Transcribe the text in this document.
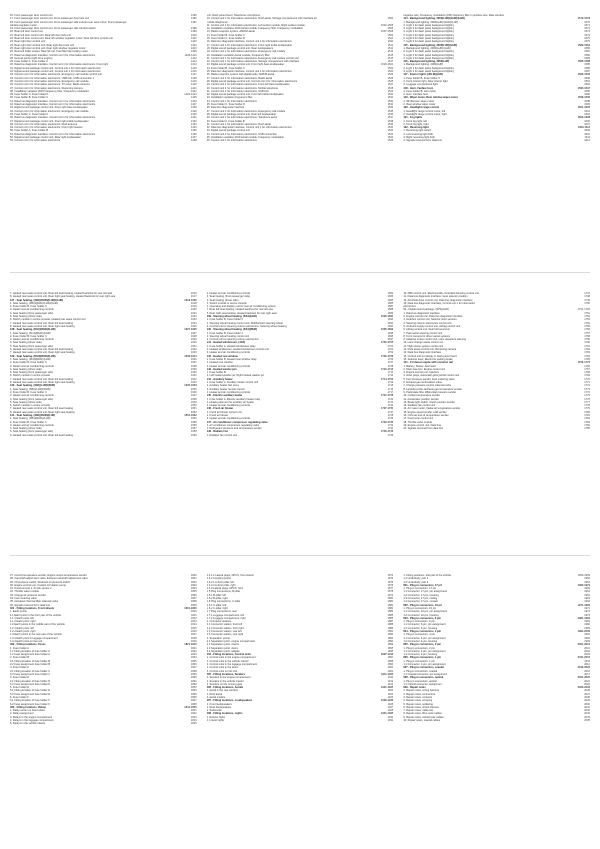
16. Front passenger door control unit	1395
17. Front passenger door control unit, Front passenger door lock unit	1396
18. Front passenger door control unit, Front passenger side exterior rear view mirror, Front passenger	1397
window regulator motor
19. Front passenger door control unit, Front passenger side window switch	1398
20. Rear left door control unit	1399
21. Rear left door control unit, Rear left door lock unit	1400
22. Rear left door control unit, Rear left window regulator motor, Rear left door control unit	1401
23. Rear right door control unit	1402
24. Rear right door control unit, Rear right door lock unit	1403
25. Rear right door control unit, Rear right window regulator motor	1404
26. Rear left trailer socket, Rear lid unit, Fuel filler flap locking motor	1405
27. Data bus diagnostic interface, Control unit 1 for information electronics	1406-1411
28. Ground points (right front engine)	1412
29. Fuse holder A, Fuse holder C	1413
30. Data bus diagnostic interface, Control unit 1 for information electronics, Front right	1414
31. Digital sound package control unit, Control unit 1 for information electronics	1415
32. Digital sound package control unit, Control unit 1 for information electronics	1416
33. Control unit 1 for information electronics, Emergency call module control unit	1417
34. Control unit 1 for information electronics, USB hub, USB connection 1	1418
35. Control unit 1 for information electronics, Emergency call module	1419
36. Control unit 1 for information electronics, TV tuner, Radio antenna	1420
37. Control unit 1 for information electronics, Reversing camera	1421
38. Installation variation 2019 Frequency filter, Frequency modulation	1422
39. Fuse holder C, Fuse holder D	1423-1424
40. Fuse holder B, Fuse holder C	1425
41. Data bus diagnostic interface, Control unit 1 for information electronics	1426
42. Data bus diagnostic interface, Control unit 1 for information electronics	1427
43. Digital sound package control unit, Front right bass loudspeaker	1428
44. Control unit 1 for information electronics, Emergency call module	1429
45. Fuse holder C, Fuse holder D	1430
46. Data bus diagnostic interface, Control unit 1 for information electronics	1431
47. Digital sound package control unit, Front right treble loudspeaker	1432
48. Control unit 1 for information electronics, Roof antenna	1433
49. Control unit 1 for information electronics, Front right tweeter	1434
50. Fuse holder A, Fuse holder B	1435
51. Data bus diagnostic interface, Control unit 1 for information electronics	1436
52. Digital sound package control unit, Rear right loudspeaker	1437
53. Control unit 1 for information electronics	1438
unit, Dash panel insert, Telephone microphone
10. Control unit 1 for information electronics, Roof aerial, Storage compartment with interface for	1501
mobile telephones
11. Control unit 1 for information electronics, Left socket module, Right socket module	1502-1505
12. Installation variation 2019 Aerial module, Frequency filter, Frequency modulation	1506
13. Radio reception system, AM/FM aerial	1507-1508
14. Fuse holder B, Fuse holder C	1509
15. Fuse holder C, Fuse holder D	1510
16. Data bus diagnostic interface, Control unit 1 for information electronics	1511
17. Control unit 1 for information electronics, Front right treble loudspeaker	1512
18. Digital sound package control unit, Rear loudspeakers	1513
19. Control unit 1 for information electronics, Emergency call module	1514
20. Installation variation Aerial module, Frequency filter	1515
21. Control unit 1 for information electronics, Emergency call module control unit	1516
22. Control unit 1 for information electronics, Storage compartment with interface	1517
23. Digital sound package control unit, Front right bass loudspeaker	1518-1521
24. Fuse holder B, Fuse holder C	1522
25. Data bus diagnostic interface, Control unit 1 for information electronics	1523
26. Radio reception system with digital radio, AM/FM aerial	1524
27. Control unit 1 for information electronics, Radio aerial	1525
28. Digital sound package control unit, Control unit 1 for information electronics	1526
29. Control unit 1 for information electronics, Front left bass loudspeaker	1527
30. Control unit 1 for information electronics, Mobile telephone	1528
31. Control unit 1 for information electronics, USB hub	1529
32. Digital sound package control unit, Front left treble loudspeaker	1530
33. Installation variation Frequency filter	1531
34. Control unit 1 for information electronics	1532
35. Fuse holder C, Fuse holder D	1533
36. Data bus diagnostic interface	1534
37. Control unit 1 for information electronics, Emergency call module	1535
38. Digital sound package control unit, Rear left loudspeaker	1536
39. Control unit 1 for information electronics, Telephone aerial	1537
40. Fuse holder A, Fuse holder B	1538
41. Control unit 1 for information electronics, Roof aerial	1539
42. Data bus diagnostic interface, Control unit 1 for information electronics	1540
43. Digital sound package control unit	1541
44. Control unit 1 for information electronics, USB connection	1542
45. Installation variation 2019 Aerial module, Frequency modulation	1543
46. Control unit 1 for information electronics	1544
negative wire, Frequency modulation (FM) frequency filter in positive wire, Rear window
114 - Background lighting, 2000(LHD)/(LHD)/(LHD)	1570-1578
1. Background lighting, 2000(LHD)/(LHD)/(LHD)	1570
2. Light 1 for dash panel background lighting	1571
3. Light 2 for dash panel background lighting	1572
4. Light 3 for dash panel background lighting	1573
5. Light 4 for dash panel background lighting	1574
6. Light 5 for dash panel background lighting	1575
7. Light 6 for dash panel background lighting	1576
115 - Background lighting, 2000(LHD)/(LHD)	1580-1584
1. Background lighting, 2000(LHD)/(LHD)	1580
2. Light 1 for dash panel background lighting	1581
3. Light 2 for dash panel background lighting	1582
4. Light 3 for dash panel background lighting	1583
116 - Background lighting, 2000(LHD)	1585-1588
1. Background lighting, 2000(LHD)	1585
2. Light 1 for dash panel background lighting	1586
3. Light 2 for dash panel background lighting	1587
117 - Interior lights (JKLM)(LHD)	1590-1594
1. Fuse holder B, Fuse holder C	1590
2. Front interior light, Rear interior light	1591
3. Luggage compartment light	1592
118 - Horn, Fanfare horn	1595-1597
1. Fuse holder B, Horn relay	1595
2. Horn, Fanfare horn	1596
119 - Wiper motor, Rear window wiper motor	1598-1600
1. Windscreen wiper motor	1598
2. Rear window wiper motor	1599
120 - Headlight range control	1601-1605
1. Headlight range control motor, left	1601
2. Headlight range control motor, right	1602
121 - Fog lights	1606-1608
1. Front fog light, left	1606
2. Front fog light, right	1607
122 - Reversing light	1609-1611
1. Reversing light switch	1609
2. Left reversing light bulb	1610
3. Right reversing light bulb	1611
4. Signals received from data bus	1612
7. Heated rear seats control unit, Rear left seat heating, Heated backrest for rear left seat	1616
8. Heated rear seats control unit, Rear right seat heating, Heated backrest for rear right seat	1617
127 - Seat heating, (XB1)(RHD)/(LHD)/(LHD)	1618-1626
1. Seat heating, (XB1)(RHD)/(LHD)/(LHD)	1618
2. Fuse holder B, Fuse holder C	1619
3. Heater and air conditioning controls	1620
4. Seat heating (front passenger side)	1621
5. Seat heating (driver side)	1622
6. Switch module in centre console, Heated rear seats control unit	1623
7. Heated rear seats control unit, Rear left seat heating	1624
8. Heated rear seats control unit, Rear right seat heating	1625
128 - Seat heating, (KH1)(RHD)/(LHD)	1627-1635
1. Seat heating, (KH1)(RHD)/(LHD)	1627
2. Fuse holder B, Fuse holder C	1628
3. Heater and air conditioning controls	1629
4. Seat heating (driver side)	1630
5. Seat heating (front passenger side)	1631
6. Heated rear seats control unit, Rear left seat heating	1632
7. Heated rear seats control unit, Rear right seat heating	1633
129 - Seat heating, (KH3)(RHD)/(LHD)	1636-1644
1. Seat heating, (KH3)(RHD)/(LHD)	1636
2. Fuse holder B, Fuse holder C	1637
3. Heater and air conditioning controls	1638
4. Seat heating (driver side)	1639
5. Seat heating (front passenger side)	1640
6. Switch module in centre console	1641
7. Heated rear seats control unit, Rear left seat heating	1642
8. Heated rear seats control unit, Rear right seat heating	1643
130 - Seat heating, (XB1)(LHD)/(RHD)	1645-1653
1. Seat heating, (XB1)(LHD)/(RHD)	1645
2. Fuse holder B, Fuse holder C	1646
3. Heater and air conditioning controls	1647
4. Seat heating (front passenger side)	1648
5. Seat heating (driver side)	1649
6. Switch module in centre console	1650
7. Heated rear seats control unit, Rear left seat heating	1651
8. Heated rear seats control unit, Rear right seat heating	1652
131 - Seat heating, (XB1)(RHD)/(LHD)	1654-1662
1. Seat heating, (XB1)(RHD)/(LHD)	1654
2. Fuse holder B, Fuse holder C	1655
3. Heater and air conditioning controls	1656
4. Seat heating (driver side)	1657
5. Seat heating (front passenger side)	1658
6. Heated rear seats control unit, Rear left seat heating	1659
2. Heater and air conditioning controls	1683
3. Seat heating (front passenger side)	1684
4. Seat heating (driver side)	1685
5. Switch module in centre console	1686
6. Operating and display unit for rear air conditioning system	1687
7. Rear left seat heating, Heated backrest for rear left seat	1688
8. Rear right seat heating, Heated backrest for rear right seat	1689
139 - Steering wheel heating, (KS1)(LHD)	1690-1694
1. Fuse holder B, Fuse holder C	1690
2. Steering wheel heating control unit, Multifunction steering wheel	1691
3. Control unit for steering column electronics, Steering wheel heating	1692
140 - Steering wheel heating, (KS1)(RHD)	1695-1699
1. Fuse holder B, Fuse holder C	1695
2. Steering wheel heating control unit	1696
3. Control unit for steering column electronics	1697
141 - Heated windscreen, (4GF)	1700-1705
1. Fuse holder A, Heated windscreen relay	1700
2. Heated windscreen, Heated windscreen control unit	1701
3. Heater and air conditioning controls	1702
142 - Heated rear window	1706-1709
1. Fuse holder B, Heated rear window relay	1706
2. Heated rear window	1707
3. Heater and air conditioning controls	1708
143 - Heated washer jets	1710-1713
1. Fuse holder B	1710
2. Left heated washer jet, Right heated washer jet	1711
144 - Auxiliary heater	1714-1720
1. Fuse holder A, Auxiliary heater control unit	1714
2. Auxiliary heater fuel pump	1715
3. Auxiliary heater remote control	1716
4. Heater and air conditioning controls	1717
145 - Electric auxiliary heater	1721-1726
1. Fuse holder A, Electric auxiliary heater relay	1721
2. Heating element for auxiliary air heater	1722
3. Heater and air conditioning controls	1723
146 - Fresh air blower	1727-1731
1. Fresh air blower control unit	1727
2. Fresh air blower	1728
3. Heater and air conditioning controls	1729
147 - Air conditioner compressor regulating valve	1732-1735
1. Air conditioner compressor regulating valve	1732
2. Refrigerant pressure and temperature sender	1733
148 - Radiator fan	1736-1740
1. Radiator fan control unit	1736
10. ABS control unit, Electronically controlled damping control unit	1747
11. Data bus diagnostic interface, Gear selector position	1748
12. All wheel drive control unit, Data bus diagnostic interface	1749
13. Data bus diagnostic interface, Control unit 1 for information	1750
electronics
96 - Digital sound package, (9VS)(LHD)	1751-1760
1. Data bus diagnostic interface	1751
2. Engine control unit, Data bus diagnostic interface	1752
3. Gearbox control unit, Selector lever sensors	1753
4. Steering column electronics control unit	1754
5. Onboard supply control unit, Airbag control unit	1755
6. Airbag control unit, Seat belt tensioner	1756
7. Park assist steering control unit	1757
8. Front camera for driver assist systems	1758
9. Adaptive cruise control unit, Lane departure warning	1759
10. Lane change assist control unit	1760
11. Night vision system control unit	1761
12. Park assist control unit, Reversing camera	1762
13. Data bus diagnostic interface	1763
14. Control unit for display in dash panel insert	1764
15. Selector lever, Electronic parking brake	1765
141 - 2.0 diesel engine with common rail	1766-1775
1. Battery, Starter, Alternator	1766
2. Main fuse box, Engine control unit	1767
3. Engine control unit, Injectors	1768
4. Glow plugs, Automatic glow period control unit	1769
5. Fuel pressure sender, Fuel metering valve	1770
6. Exhaust gas recirculation valve	1771
7. Charge pressure control solenoid valve	1772
8. Lambda probe, Exhaust gas temperature sender	1773
9. Particulate filter differential pressure sender	1774
10. Coolant temperature sender	1775
11. Accelerator position sender	1776
12. Brake light switch, Clutch position sender	1777
13. Radiator fan control unit	1778
14. Air mass meter, Intake air temperature sender	1779
15. Engine speed sender, Hall sender	1780
16. Oil level and oil temperature sender	1781
17. Fuel pump control unit	1782
18. Throttle valve module	1783
19. Engine control unit, Data bus	1784
20. Signals received from data bus	1785
27. Control temperature sender, Engine output temperature sender	1800
28. Camshaft adjustment valve, Exhaust camshaft adjustment valve	1801
29. Oil pressure switch, Reduced oil pressure switch	1802
30. Engine control unit, Coolant circulation pump	1803
31. Knock sensor 1, Knock sensor 2	1804
32. Throttle valve module	1805
33. Charge air pressure sender	1806
34. Fuel metering valve	1807
35. Activated charcoal filter solenoid valve	1808
36. Signals received from data bus	1809
401 - Fitting locations, Front wheels	1810-1820
1. Earth points	1810
1.1 Earth point in the front part of the vehicle	1811
1.1.1 Earth point, left	1812
1.1.2 Earth point, right	1813
1.2 Earth points in the middle part of the vehicle	1814
1.2.1 Earth point, left	1815
1.2.2 Earth point, right	1816
1.3 Earth points in the rear part of the vehicle	1817
1.3.1 Earth point in luggage compartment	1818
1.3.2 Earth point on the roof	1819
402 - Fitting locations, Fuses	1821-1840
1. Fuse holder A	1821
1.1 Fitting location of fuse holder A	1822
1.2 Fuse assignment fuse holder A	1823
2. Fuse holder B	1824
2.1 Fitting location of fuse holder B	1825
2.2 Fuse assignment fuse holder B	1826
3. Fuse holder C	1827
3.1 Fitting location of fuse holder C	1828
3.2 Fuse assignment fuse holder C	1829
4. Fuse holder D	1830
4.1 Fitting location of fuse holder D	1831
4.2 Fuse assignment fuse holder D	1832
5. Fuse holder E	1833
5.1 Fitting location of fuse holder E	1834
5.2 Fuse assignment fuse holder E	1835
6. Fuse holder F	1836
6.1 Fitting location of fuse holder F	1837
6.2 Fuse assignment fuse holder F	1838
403 - Fitting locations, Relays	1841-1850
1. Relay carrier on fuse holder	1841
2. Relay assignment	1842
3. Relays in the engine compartment	1843
4. Relays in the luggage compartment	1844
5. Relays in the vehicle interior	1845
1.4.1.2 Lateral plugs, DPCS, front interior	1873
1.4.2 Coupling points	1874
1.4.2.1 A-front pillar, left	1875
1.4.2.2 A-front pillar, right	1876
1.4.3 Lateral plugs, DPCS, front	1877
1.5 Plug connections, B pillar	1878
1.5.1 B-pillar, left	1879
1.5.2 B-pillar, right	1880
1.6 Plug connections, C pillar	1881
1.6.1 C-pillar, left	1882
1.6.2 C-pillar, right	1883
1.7 Plug connections, rear	1884
1.7.1 Luggage compartment, left	1885
1.7.2 Luggage compartment, right	1886
2. Connector stations	1887
2.1 Connector station, front left	1888
2.2 Connector station, front right	1889
2.3 Connector station, rear left	1890
2.4 Connector station, rear right	1891
3. Separation points	1892
3.1 Separation point, engine compartment	1893
3.2 Separation point, interior	1894
3.3 Separation point, doors	1895
3.4 Separation point, tailgate	1896
404 - Fitting locations, Control units	1897-1910
1. Control units in the engine compartment	1897
2. Control units in the vehicle interior	1898
3. Control units in the luggage compartment	1899
4. Control units in the doors	1900
5. Control units on the roof	1901
405 - Fitting locations, Senders	1911-1920
1. Senders in the engine compartment	1911
2. Senders in the vehicle interior	1912
3. Senders on the running gear	1913
406 - Fitting locations, Aerials	1921-1925
1. Aerial in the rear window	1921
2. Roof aerial	1922
3. Aerial module	1923
407 - Fitting locations, Loudspeakers	1926-1930
1. Front loudspeakers	1926
2. Rear loudspeakers	1927
3. Subwoofer	1928
408 - Fitting locations, Lights	1931-1935
1. Exterior lights	1931
2. Interior lights	1932
1. Fitting positions, fuel part of the vehicle	1950-1959
1.1 Underbody, part 1	1950
1.2 Underbody, part 2	1951
601 - Plug-in connectors, 17 pin	1960-1970
1. Plug-in connectors, 17 pin	1960
1.1 Connector, 17-pin, pin assignment	1961
1.2 Connector, 17-pin, housing	1962
1.3 Connector, 17-pin, coding	1963
1.4 Connector, 17-pin, contact	1964
602 - Plug-in connectors, 10 pin	1971-1980
1. Plug-in connectors, 10 pin	1971
1.1 Connector, 10-pin, pin assignment	1972
1.2 Connector, 10-pin, housing	1973
603 - Plug-in connectors, 6 pin	1981-1990
1. Plug-in connectors, 6 pin	1981
1.1 Connector, 6-pin, pin assignment	1982
1.2 Connector, 6-pin, housing	1983
604 - Plug-in connectors, 4 pin	1991-2000
1. Plug-in connectors, 4 pin	1991
1.1 Connector, 4-pin, pin assignment	1992
1.2 Connector, 4-pin, housing	1993
605 - Plug-in connectors, 2 pin	2001-2010
1. Plug-in connectors, 2 pin	2001
1.1 Connector, 2-pin, pin assignment	2002
1.2 Connector, 2-pin, housing	2003
606 - Plug-in connectors, 1 pin	2011-2015
1. Plug-in connectors, 1 pin	2011
1.1 Connector, 1-pin, pin assignment	2012
607 - Plug-in connectors, coaxial	2016-2020
1. Plug-in connectors, coaxial	2016
1.1 Coaxial connector, pin assignment	2017
608 - Plug-in connectors, optical	2021-2025
1. Plug-in connectors, optical	2021
1.1 Optical connector, assignment	2022
609 - Repair notes	2026-2030
1. Repair notes, wiring harness	2026
2. Repair notes, connectors	2027
3. Repair notes, contacts	2028
4. Repair notes, crimping	2029
5. Repair notes, soldering	2030
6. Repair notes, shrink sleeves	2031
7. Repair notes, cable ties	2032
8. Repair notes, fibre optic cables	2033
9. Repair notes, twisted pair cables	2034
10. Repair notes, coaxial cables	2035
